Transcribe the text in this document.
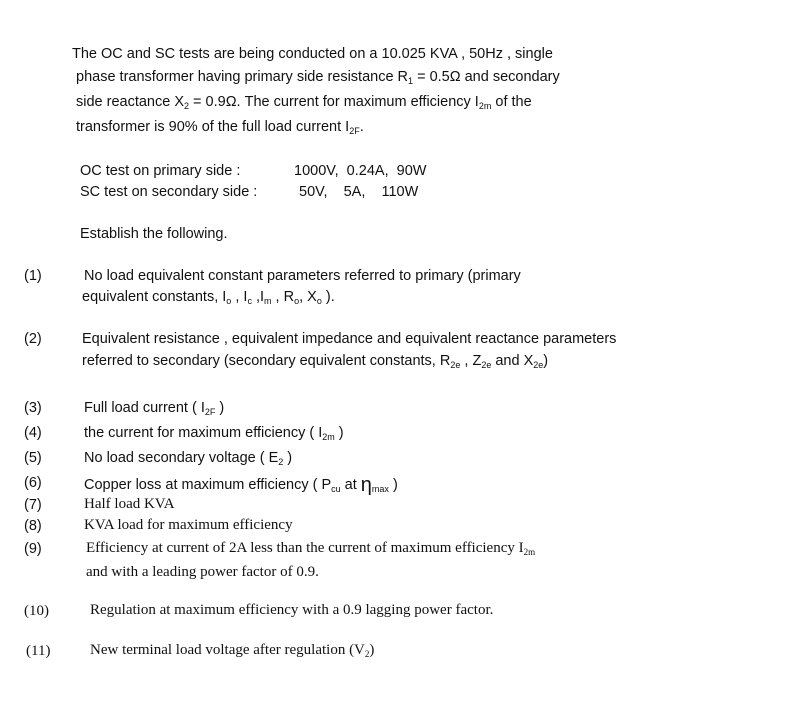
The OC and SC tests are being conducted on a 10.025 KVA , 50Hz , single
phase transformer having primary side resistance $R_1 = 0.5\Omega$ and secondary
side reactance $X_2 = 0.9\Omega$. The current for maximum efficiency $I_{2m}$ of the
transformer is 90% of the full load current $I_{2F}$.
OC test on primary side :	1000V,  0.24A,  90W
SC test on secondary side :	50V,    5A,    110W
Establish the following.
(1)	No load equivalent constant parameters referred to primary (primary
equivalent constants, $I_o$ , $I_c$ $,I_m$ , $R_o$, $X_o$ ).
(2)	Equivalent resistance , equivalent impedance and equivalent reactance parameters
referred to secondary (secondary equivalent constants, $R_{2e}$ , $Z_{2e}$ and $X_{2e}$)
(3)	Full load current ( $I_{2F}$ )
(4)	the current for maximum efficiency ( $I_{2m}$ )
(5)	No load secondary voltage ( $E_2$ )
(6)	Copper loss at maximum efficiency ( $P_{cu}$ at $\eta_{max}$ )
(7)	Half load KVA
(8)	KVA load for maximum efficiency
(9)	Efficiency at current of 2A less than the current of maximum efficiency $I_{2m}$
and with a leading power factor of 0.9.
(10)	Regulation at maximum efficiency with a 0.9 lagging power factor.
(11)	New terminal load voltage after regulation $(V_2)$
